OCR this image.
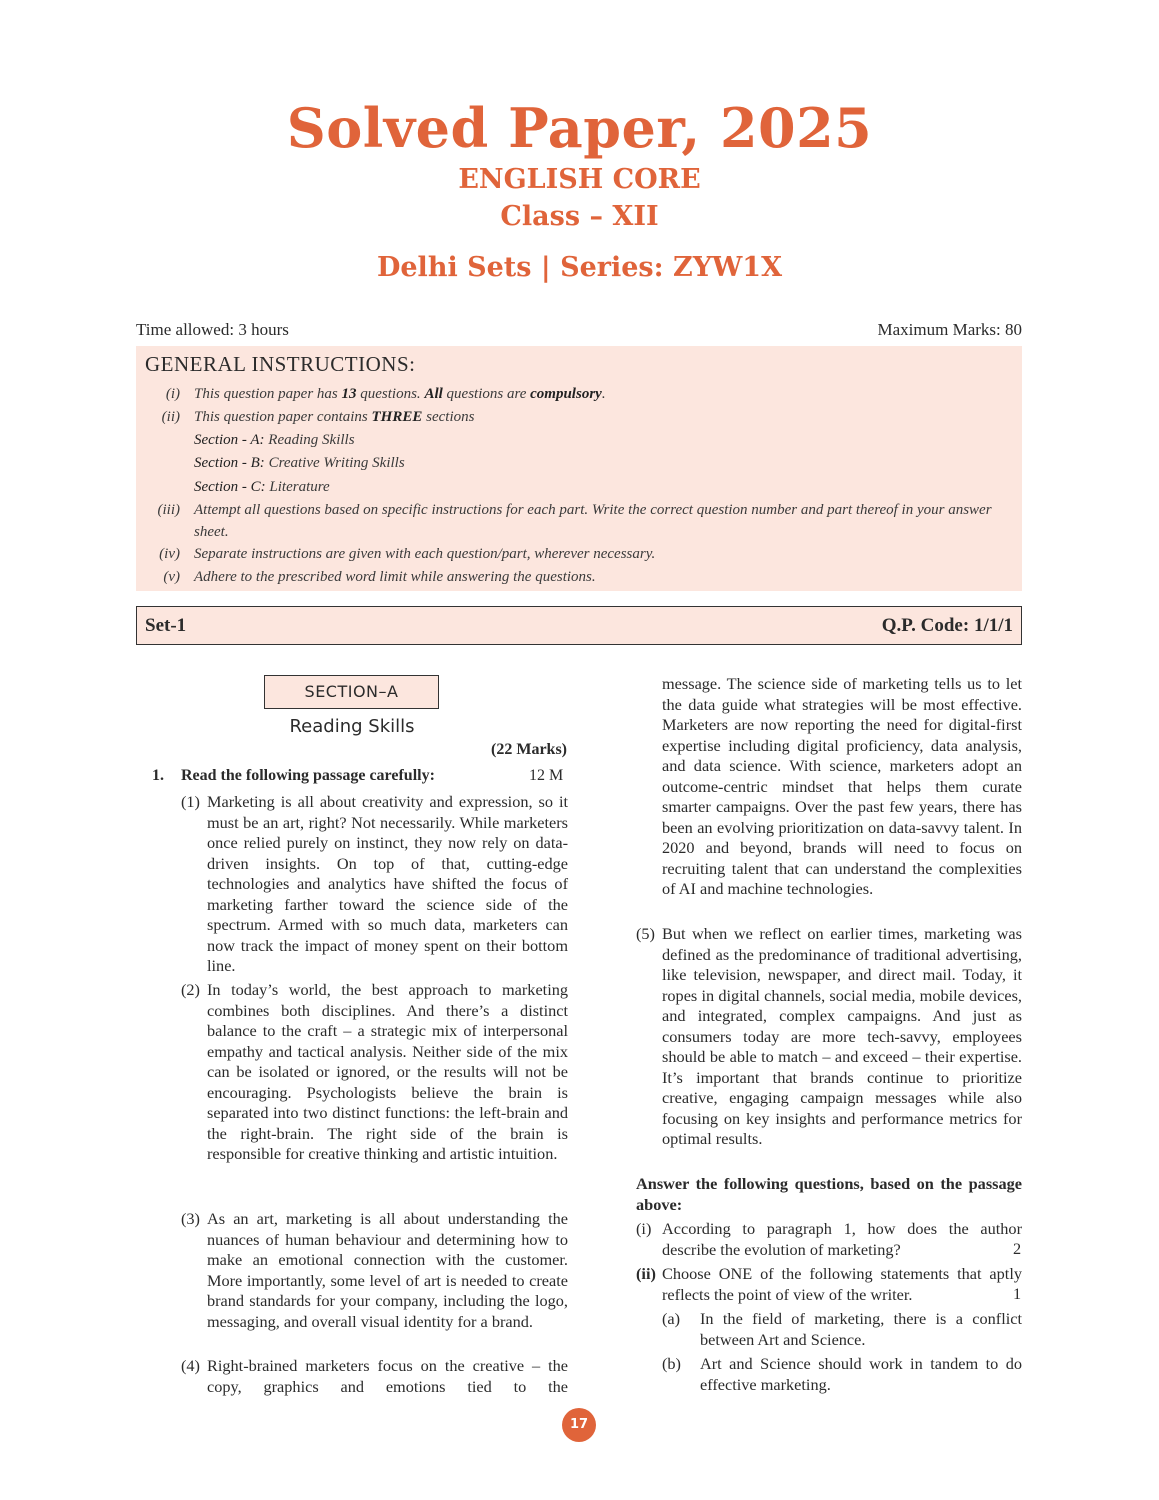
Solved Paper, 2025
ENGLISH CORE
Class – XII
Delhi Sets | Series: ZYW1X
Time allowed: 3 hours	Maximum Marks: 80
GENERAL INSTRUCTIONS:
(i) This question paper has 13 questions. All questions are compulsory.
(ii) This question paper contains THREE sections
Section - A: Reading Skills
Section - B: Creative Writing Skills
Section - C: Literature
(iii) Attempt all questions based on specific instructions for each part. Write the correct question number and part thereof in your answer sheet.
(iv) Separate instructions are given with each question/part, wherever necessary.
(v) Adhere to the prescribed word limit while answering the questions.
Set-1	Q.P. Code: 1/1/1
SECTION–A
Reading Skills
(22 Marks)
1. Read the following passage carefully:	12 M
(1) Marketing is all about creativity and expression, so it must be an art, right? Not necessarily. While marketers once relied purely on instinct, they now rely on data-driven insights. On top of that, cutting-edge technologies and analytics have shifted the focus of marketing farther toward the science side of the spectrum. Armed with so much data, marketers can now track the impact of money spent on their bottom line.
(2) In today’s world, the best approach to marketing combines both disciplines. And there’s a distinct balance to the craft – a strategic mix of interpersonal empathy and tactical analysis. Neither side of the mix can be isolated or ignored, or the results will not be encouraging. Psychologists believe the brain is separated into two distinct functions: the left-brain and the right-brain. The right side of the brain is responsible for creative thinking and artistic intuition.
(3) As an art, marketing is all about understanding the nuances of human behaviour and determining how to make an emotional connection with the customer. More importantly, some level of art is needed to create brand standards for your company, including the logo, messaging, and overall visual identity for a brand.
(4) Right-brained marketers focus on the creative – the copy, graphics and emotions tied to the
message. The science side of marketing tells us to let the data guide what strategies will be most effective. Marketers are now reporting the need for digital-first expertise including digital proficiency, data analysis, and data science. With science, marketers adopt an outcome-centric mindset that helps them curate smarter campaigns. Over the past few years, there has been an evolving prioritization on data-savvy talent. In 2020 and beyond, brands will need to focus on recruiting talent that can understand the complexities of AI and machine technologies.
(5) But when we reflect on earlier times, marketing was defined as the predominance of traditional advertising, like television, newspaper, and direct mail. Today, it ropes in digital channels, social media, mobile devices, and integrated, complex campaigns. And just as consumers today are more tech-savvy, employees should be able to match – and exceed – their expertise. It’s important that brands continue to prioritize creative, engaging campaign messages while also focusing on key insights and performance metrics for optimal results.
Answer the following questions, based on the passage above:
(i) According to paragraph 1, how does the author describe the evolution of marketing?	2
(ii) Choose ONE of the following statements that aptly reflects the point of view of the writer.	1
(a) In the field of marketing, there is a conflict between Art and Science.
(b) Art and Science should work in tandem to do effective marketing.
17
